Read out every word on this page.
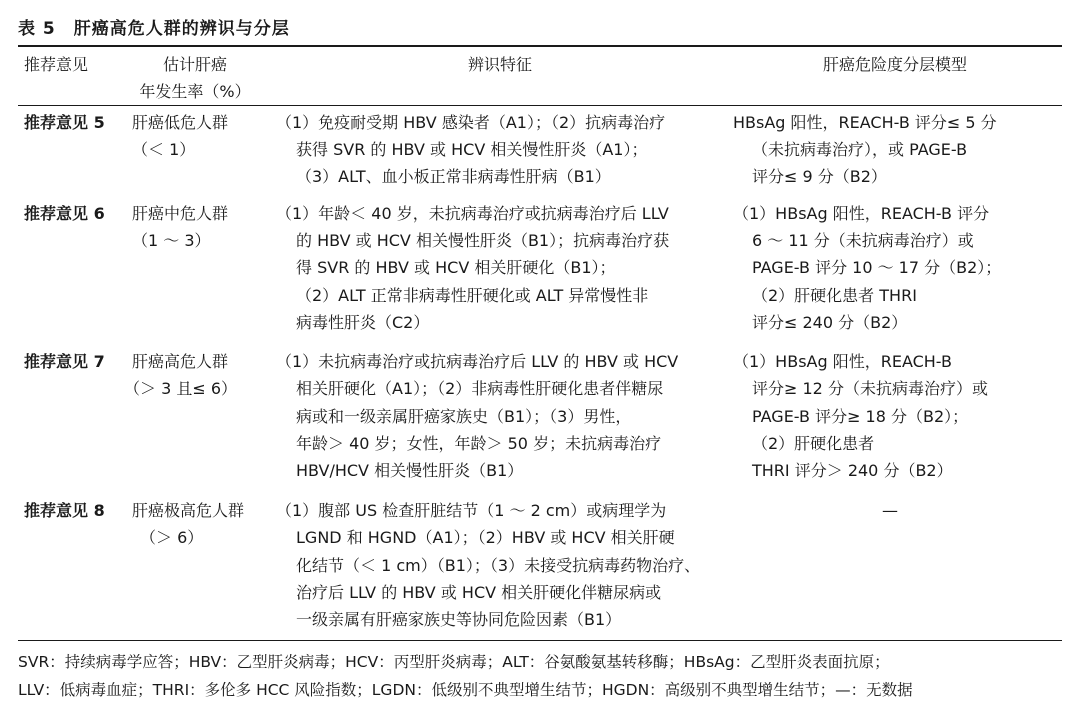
表 5 肝癌高危人群的辨识与分层
推荐意见	估计肝癌
年发生率（%）
辨识特征	肝癌危险度分层模型
推荐意见 5 肝癌低危人群
（＜ 1）
（1）免疫耐受期 HBV 感染者（A1）；（2）抗病毒治疗
获得 SVR 的 HBV 或 HCV 相关慢性肝炎（A1）；
（3）ALT、血小板正常非病毒性肝病（B1）
HBsAg 阳性，REACH-B 评分≤ 5 分
（未抗病毒治疗），或 PAGE-B
评分≤ 9 分（B2）
推荐意见 6 肝癌中危人群
（1 ～ 3）
（1）年龄＜ 40 岁，未抗病毒治疗或抗病毒治疗后 LLV
的 HBV 或 HCV 相关慢性肝炎（B1）；抗病毒治疗获
得 SVR 的 HBV 或 HCV 相关肝硬化（B1）；
（2）ALT 正常非病毒性肝硬化或 ALT 异常慢性非
病毒性肝炎（C2）
（1）HBsAg 阳性，REACH-B 评分
6 ～ 11 分（未抗病毒治疗）或
PAGE-B 评分 10 ～ 17 分（B2）；
（2）肝硬化患者 THRI
评分≤ 240 分（B2）
推荐意见 7 肝癌高危人群
（＞ 3 且≤ 6）
（1）未抗病毒治疗或抗病毒治疗后 LLV 的 HBV 或 HCV
相关肝硬化（A1）；（2）非病毒性肝硬化患者伴糖尿
病或和一级亲属肝癌家族史（B1）；（3）男性，
年龄＞ 40 岁；女性，年龄＞ 50 岁；未抗病毒治疗
HBV/HCV 相关慢性肝炎（B1）
（1）HBsAg 阳性，REACH-B
评分≥ 12 分（未抗病毒治疗）或
PAGE-B 评分≥ 18 分（B2）；
（2）肝硬化患者
THRI 评分＞ 240 分（B2）
推荐意见 8 肝癌极高危人群
（＞ 6）
（1）腹部 US 检查肝脏结节（1 ～ 2 cm）或病理学为
LGND 和 HGND（A1）；（2）HBV 或 HCV 相关肝硬
化结节（＜ 1 cm）（B1）；（3）未接受抗病毒药物治疗、
治疗后 LLV 的 HBV 或 HCV 相关肝硬化伴糖尿病或
一级亲属有肝癌家族史等协同危险因素（B1）
—
SVR：持续病毒学应答；HBV：乙型肝炎病毒；HCV：丙型肝炎病毒；ALT：谷氨酸氨基转移酶；HBsAg：乙型肝炎表面抗原；
LLV：低病毒血症；THRI：多伦多 HCC 风险指数；LGDN：低级别不典型增生结节；HGDN：高级别不典型增生结节；—：无数据
